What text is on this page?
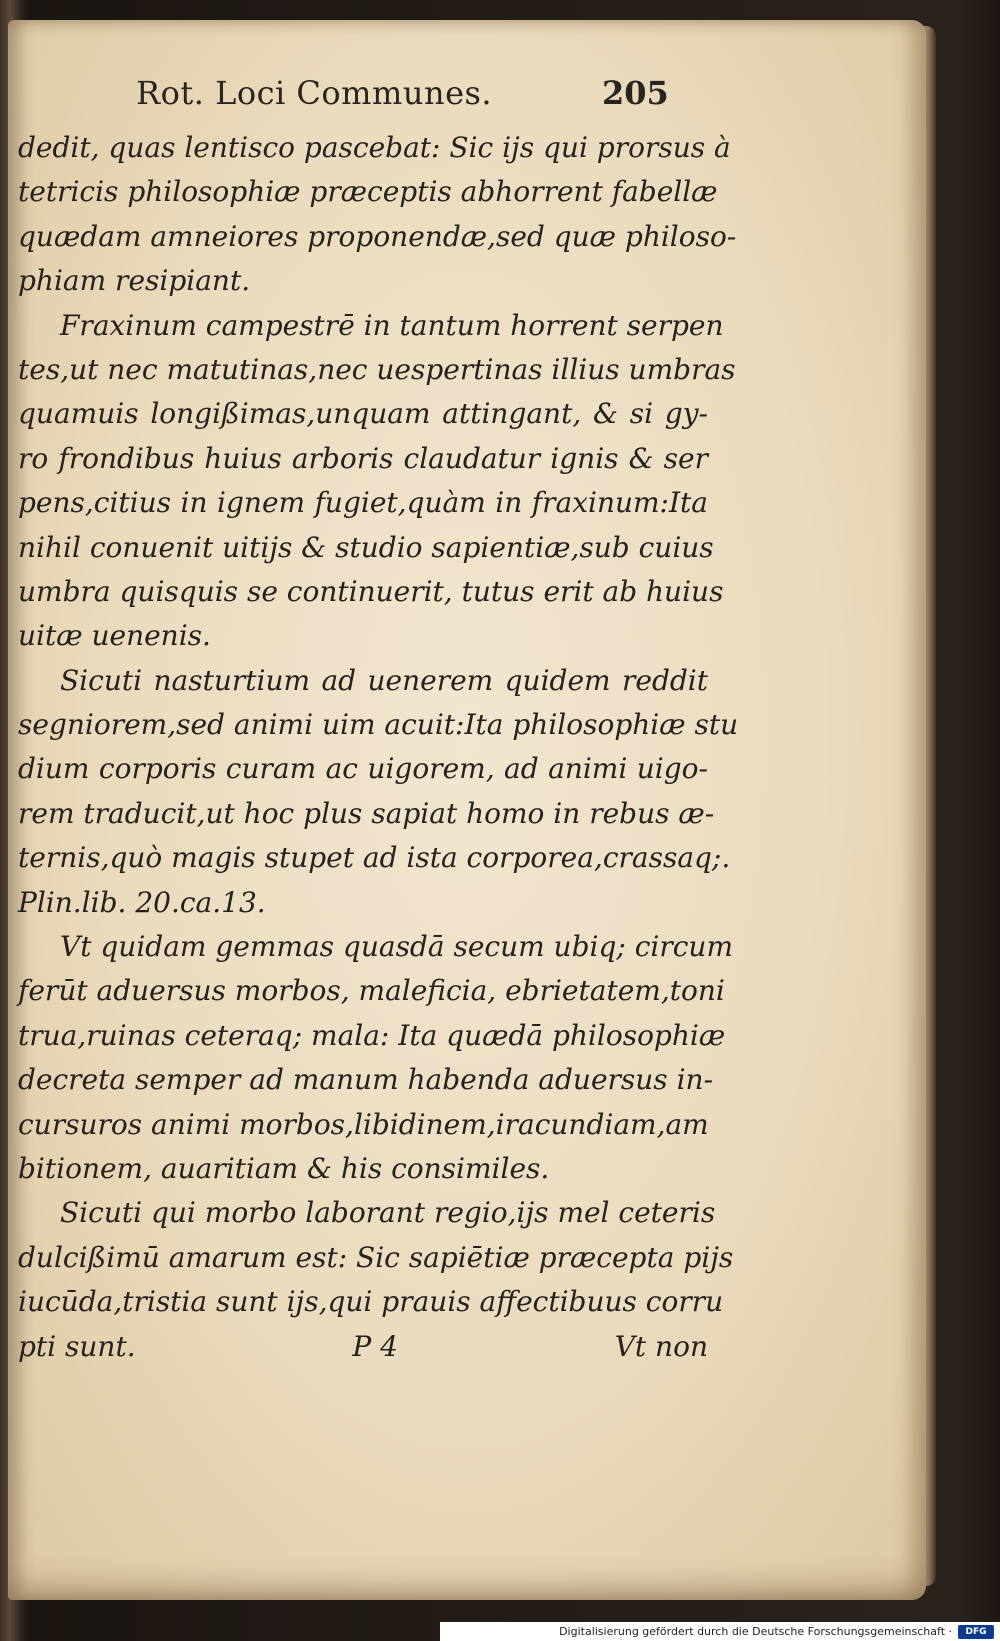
Rot. Loci Communes.	205
dedit, quas lentisco pascebat: Sic ijs qui prorsus à
tetricis philosophiæ præceptis abhorrent fabellæ
quædam amneiores proponendæ,sed quæ philoso-
phiam resipiant.
Fraxinum campestrē in tantum horrent serpen
tes,ut nec matutinas,nec uespertinas illius umbras
quamuis longißimas,unquam attingant, & si gy-
ro frondibus huius arboris claudatur ignis & ser
pens,citius in ignem fugiet,quàm in fraxinum:Ita
nihil conuenit uitijs & studio sapientiæ,sub cuius
umbra quisquis se continuerit, tutus erit ab huius
uitæ uenenis.
Sicuti nasturtium ad uenerem quidem reddit
segniorem,sed animi uim acuit:Ita philosophiæ stu
dium corporis curam ac uigorem, ad animi uigo-
rem traducit,ut hoc plus sapiat homo in rebus æ-
ternis,quò magis stupet ad ista corporea,crassaq;.
Plin.lib. 20.ca.13.
Vt quidam gemmas quasdā secum ubiq; circum
ferūt aduersus morbos, maleficia, ebrietatem,toni
trua,ruinas ceteraq; mala: Ita quædā philosophiæ
decreta semper ad manum habenda aduersus in-
cursuros animi morbos,libidinem,iracundiam,am
bitionem, auaritiam & his consimiles.
Sicuti qui morbo laborant regio,ijs mel ceteris
dulcißimū amarum est: Sic sapiētiæ præcepta pijs
iucūda,tristia sunt ijs,qui prauis affectibuus corru
pti sunt.	P 4	Vt non
Digitalisierung gefördert durch die Deutsche Forschungsgemeinschaft ·	DFG
